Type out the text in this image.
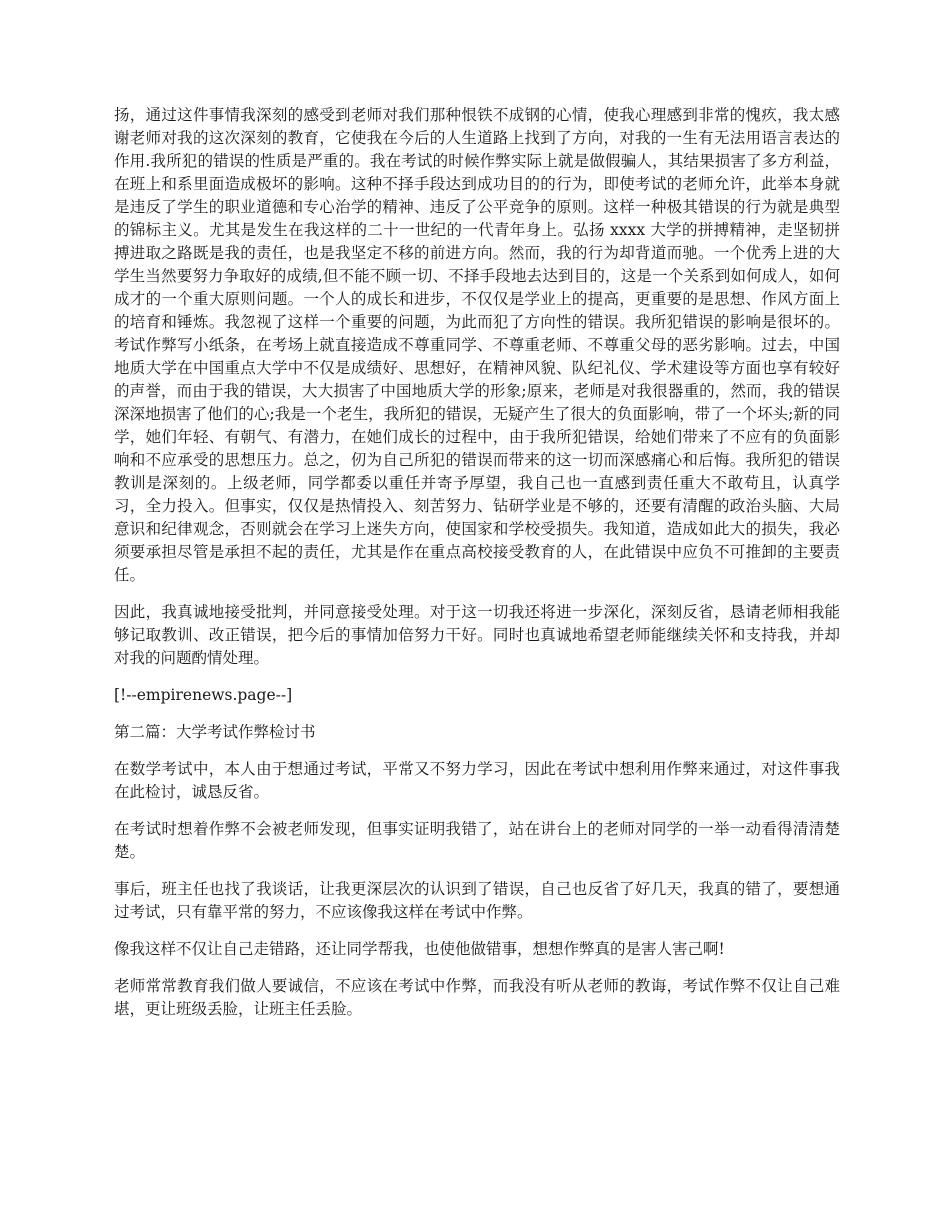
扬，通过这件事情我深刻的感受到老师对我们那种恨铁不成钢的心情，使我心理感到非常的愧疚，我太感谢老师对我的这次深刻的教育，它使我在今后的人生道路上找到了方向，对我的一生有无法用语言表达的作用.我所犯的错误的性质是严重的。我在考试的时候作弊实际上就是做假骗人，其结果损害了多方利益，在班上和系里面造成极坏的影响。这种不择手段达到成功目的的行为，即使考试的老师允许，此举本身就是违反了学生的职业道德和专心治学的精神、违反了公平竞争的原则。这样一种极其错误的行为就是典型的锦标主义。尤其是发生在我这样的二十一世纪的一代青年身上。弘扬 xxxx 大学的拼搏精神，走坚韧拼搏进取之路既是我的责任，也是我坚定不移的前进方向。然而，我的行为却背道而驰。一个优秀上进的大学生当然要努力争取好的成绩,但不能不顾一切、不择手段地去达到目的，这是一个关系到如何成人，如何成才的一个重大原则问题。一个人的成长和进步，不仅仅是学业上的提高，更重要的是思想、作风方面上的培育和锤炼。我忽视了这样一个重要的问题，为此而犯了方向性的错误。我所犯错误的影响是很坏的。考试作弊写小纸条，在考场上就直接造成不尊重同学、不尊重老师、不尊重父母的恶劣影响。过去，中国地质大学在中国重点大学中不仅是成绩好、思想好，在精神风貌、队纪礼仪、学术建设等方面也享有较好的声誉，而由于我的错误，大大损害了中国地质大学的形象;原来，老师是对我很器重的，然而，我的错误深深地损害了他们的心;我是一个老生，我所犯的错误，无疑产生了很大的负面影响，带了一个坏头;新的同学，她们年轻、有朝气、有潜力，在她们成长的过程中，由于我所犯错误，给她们带来了不应有的负面影响和不应承受的思想压力。总之，仞为自己所犯的错误而带来的这一切而深感痛心和后悔。我所犯的错误教训是深刻的。上级老师，同学都委以重任并寄予厚望，我自己也一直感到责任重大不敢苟且，认真学习，全力投入。但事实，仅仅是热情投入、刻苦努力、钻研学业是不够的，还要有清醒的政治头脑、大局意识和纪律观念，否则就会在学习上迷失方向，使国家和学校受损失。我知道，造成如此大的损失，我必须要承担尽管是承担不起的责任，尤其是作在重点高校接受教育的人，在此错误中应负不可推卸的主要责任。

因此，我真诚地接受批判，并同意接受处理。对于这一切我还将进一步深化，深刻反省，恳请老师相我能够记取教训、改正错误，把今后的事情加倍努力干好。同时也真诚地希望老师能继续关怀和支持我，并却对我的问题酌情处理。

[!--empirenews.page--]

第二篇：大学考试作弊检讨书

在数学考试中，本人由于想通过考试，平常又不努力学习，因此在考试中想利用作弊来通过，对这件事我在此检讨，诚恳反省。

在考试时想着作弊不会被老师发现，但事实证明我错了，站在讲台上的老师对同学的一举一动看得清清楚楚。

事后，班主任也找了我谈话，让我更深层次的认识到了错误，自己也反省了好几天，我真的错了，要想通过考试，只有靠平常的努力，不应该像我这样在考试中作弊。

像我这样不仅让自己走错路，还让同学帮我，也使他做错事，想想作弊真的是害人害己啊!

老师常常教育我们做人要诚信，不应该在考试中作弊，而我没有听从老师的教诲，考试作弊不仅让自己难堪，更让班级丢脸，让班主任丢脸。
